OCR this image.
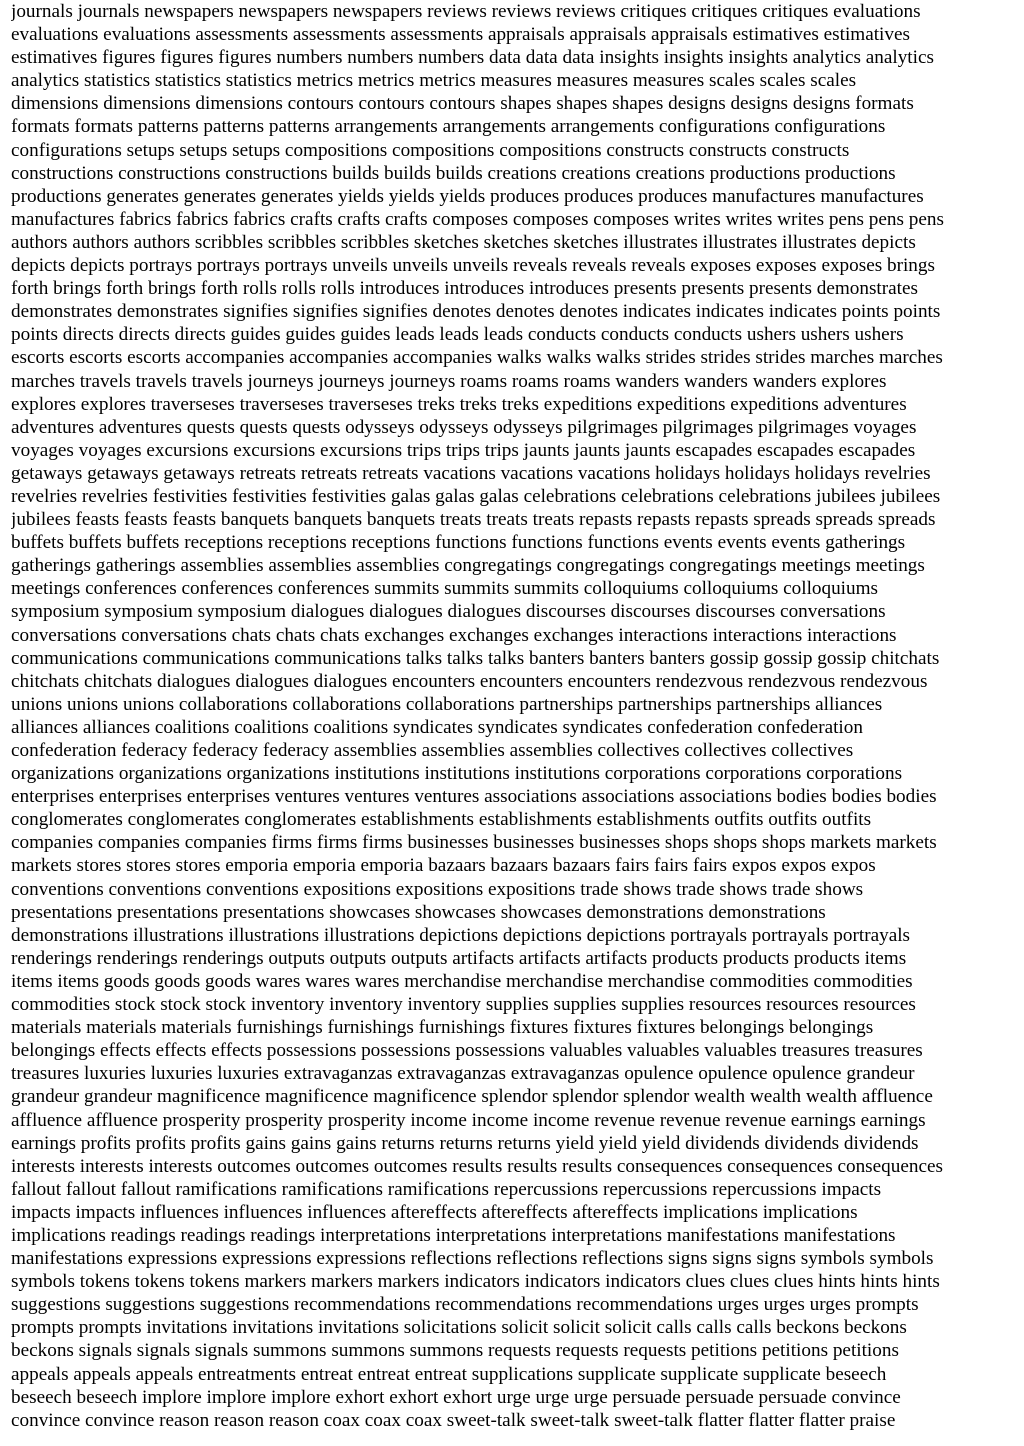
journals journals newspapers newspapers newspapers reviews reviews reviews critiques critiques critiques evaluations
evaluations evaluations assessments assessments assessments appraisals appraisals appraisals estimatives estimatives
estimatives figures figures figures numbers numbers numbers data data data insights insights insights analytics analytics
analytics statistics statistics statistics metrics metrics metrics measures measures measures scales scales scales
dimensions dimensions dimensions contours contours contours shapes shapes shapes designs designs designs formats
formats formats patterns patterns patterns arrangements arrangements arrangements configurations configurations
configurations setups setups setups compositions compositions compositions constructs constructs constructs
constructions constructions constructions builds builds builds creations creations creations productions productions
productions generates generates generates yields yields yields produces produces produces manufactures manufactures
manufactures fabrics fabrics fabrics crafts crafts crafts composes composes composes writes writes writes pens pens pens
authors authors authors scribbles scribbles scribbles sketches sketches sketches illustrates illustrates illustrates depicts
depicts depicts portrays portrays portrays unveils unveils unveils reveals reveals reveals exposes exposes exposes brings
forth brings forth brings forth rolls rolls rolls introduces introduces introduces presents presents presents demonstrates
demonstrates demonstrates signifies signifies signifies denotes denotes denotes indicates indicates indicates points points
points directs directs directs guides guides guides leads leads leads conducts conducts conducts ushers ushers ushers
escorts escorts escorts accompanies accompanies accompanies walks walks walks strides strides strides marches marches
marches travels travels travels journeys journeys journeys roams roams roams wanders wanders wanders explores
explores explores traverseses traverseses traverseses treks treks treks expeditions expeditions expeditions adventures
adventures adventures quests quests quests odysseys odysseys odysseys pilgrimages pilgrimages pilgrimages voyages
voyages voyages excursions excursions excursions trips trips trips jaunts jaunts jaunts escapades escapades escapades
getaways getaways getaways retreats retreats retreats vacations vacations vacations holidays holidays holidays revelries
revelries revelries festivities festivities festivities galas galas galas celebrations celebrations celebrations jubilees jubilees
jubilees feasts feasts feasts banquets banquets banquets treats treats treats repasts repasts repasts spreads spreads spreads
buffets buffets buffets receptions receptions receptions functions functions functions events events events gatherings
gatherings gatherings assemblies assemblies assemblies congregatings congregatings congregatings meetings meetings
meetings conferences conferences conferences summits summits summits colloquiums colloquiums colloquiums
symposium symposium symposium dialogues dialogues dialogues discourses discourses discourses conversations
conversations conversations chats chats chats exchanges exchanges exchanges interactions interactions interactions
communications communications communications talks talks talks banters banters banters gossip gossip gossip chitchats
chitchats chitchats dialogues dialogues dialogues encounters encounters encounters rendezvous rendezvous rendezvous
unions unions unions collaborations collaborations collaborations partnerships partnerships partnerships alliances
alliances alliances coalitions coalitions coalitions syndicates syndicates syndicates confederation confederation
confederation federacy federacy federacy assemblies assemblies assemblies collectives collectives collectives
organizations organizations organizations institutions institutions institutions corporations corporations corporations
enterprises enterprises enterprises ventures ventures ventures associations associations associations bodies bodies bodies
conglomerates conglomerates conglomerates establishments establishments establishments outfits outfits outfits
companies companies companies firms firms firms businesses businesses businesses shops shops shops markets markets
markets stores stores stores emporia emporia emporia bazaars bazaars bazaars fairs fairs fairs expos expos expos
conventions conventions conventions expositions expositions expositions trade shows trade shows trade shows
presentations presentations presentations showcases showcases showcases demonstrations demonstrations
demonstrations illustrations illustrations illustrations depictions depictions depictions portrayals portrayals portrayals
renderings renderings renderings outputs outputs outputs artifacts artifacts artifacts products products products items
items items goods goods goods wares wares wares merchandise merchandise merchandise commodities commodities
commodities stock stock stock inventory inventory inventory supplies supplies supplies resources resources resources
materials materials materials furnishings furnishings furnishings fixtures fixtures fixtures belongings belongings
belongings effects effects effects possessions possessions possessions valuables valuables valuables treasures treasures
treasures luxuries luxuries luxuries extravaganzas extravaganzas extravaganzas opulence opulence opulence grandeur
grandeur grandeur magnificence magnificence magnificence splendor splendor splendor wealth wealth wealth affluence
affluence affluence prosperity prosperity prosperity income income income revenue revenue revenue earnings earnings
earnings profits profits profits gains gains gains returns returns returns yield yield yield dividends dividends dividends
interests interests interests outcomes outcomes outcomes results results results consequences consequences consequences
fallout fallout fallout ramifications ramifications ramifications repercussions repercussions repercussions impacts
impacts impacts influences influences influences aftereffects aftereffects aftereffects implications implications
implications readings readings readings interpretations interpretations interpretations manifestations manifestations
manifestations expressions expressions expressions reflections reflections reflections signs signs signs symbols symbols
symbols tokens tokens tokens markers markers markers indicators indicators indicators clues clues clues hints hints hints
suggestions suggestions suggestions recommendations recommendations recommendations urges urges urges prompts
prompts prompts invitations invitations invitations solicitations solicit solicit solicit calls calls calls beckons beckons
beckons signals signals signals summons summons summons requests requests requests petitions petitions petitions
appeals appeals appeals entreatments entreat entreat entreat supplications supplicate supplicate supplicate beseech
beseech beseech implore implore implore exhort exhort exhort urge urge urge persuade persuade persuade convince
convince convince reason reason reason coax coax coax sweet-talk sweet-talk sweet-talk flatter flatter flatter praise
